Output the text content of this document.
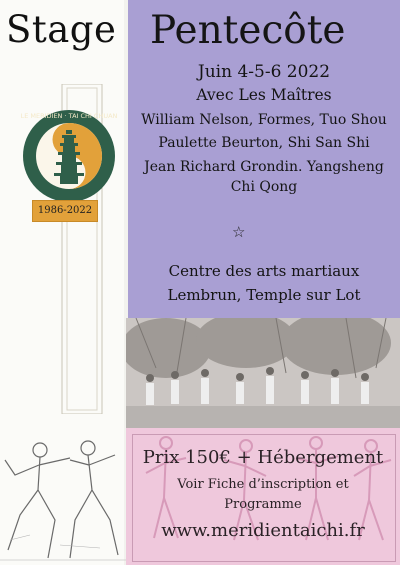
Stage
LE MERIDIEN · TAI CHI CHUAN
1986-2022
Pentecôte
Juin 4-5-6 2022
Avec Les Maîtres
William Nelson, Formes, Tuo Shou
Paulette Beurton, Shi San Shi
Jean Richard Grondin. Yangsheng
Chi Qong
☆
Centre des arts martiaux
Lembrun, Temple sur Lot
Prix 150€ + Hébergement
Voir Fiche d’inscription et
Programme
www.meridientaichi.fr
